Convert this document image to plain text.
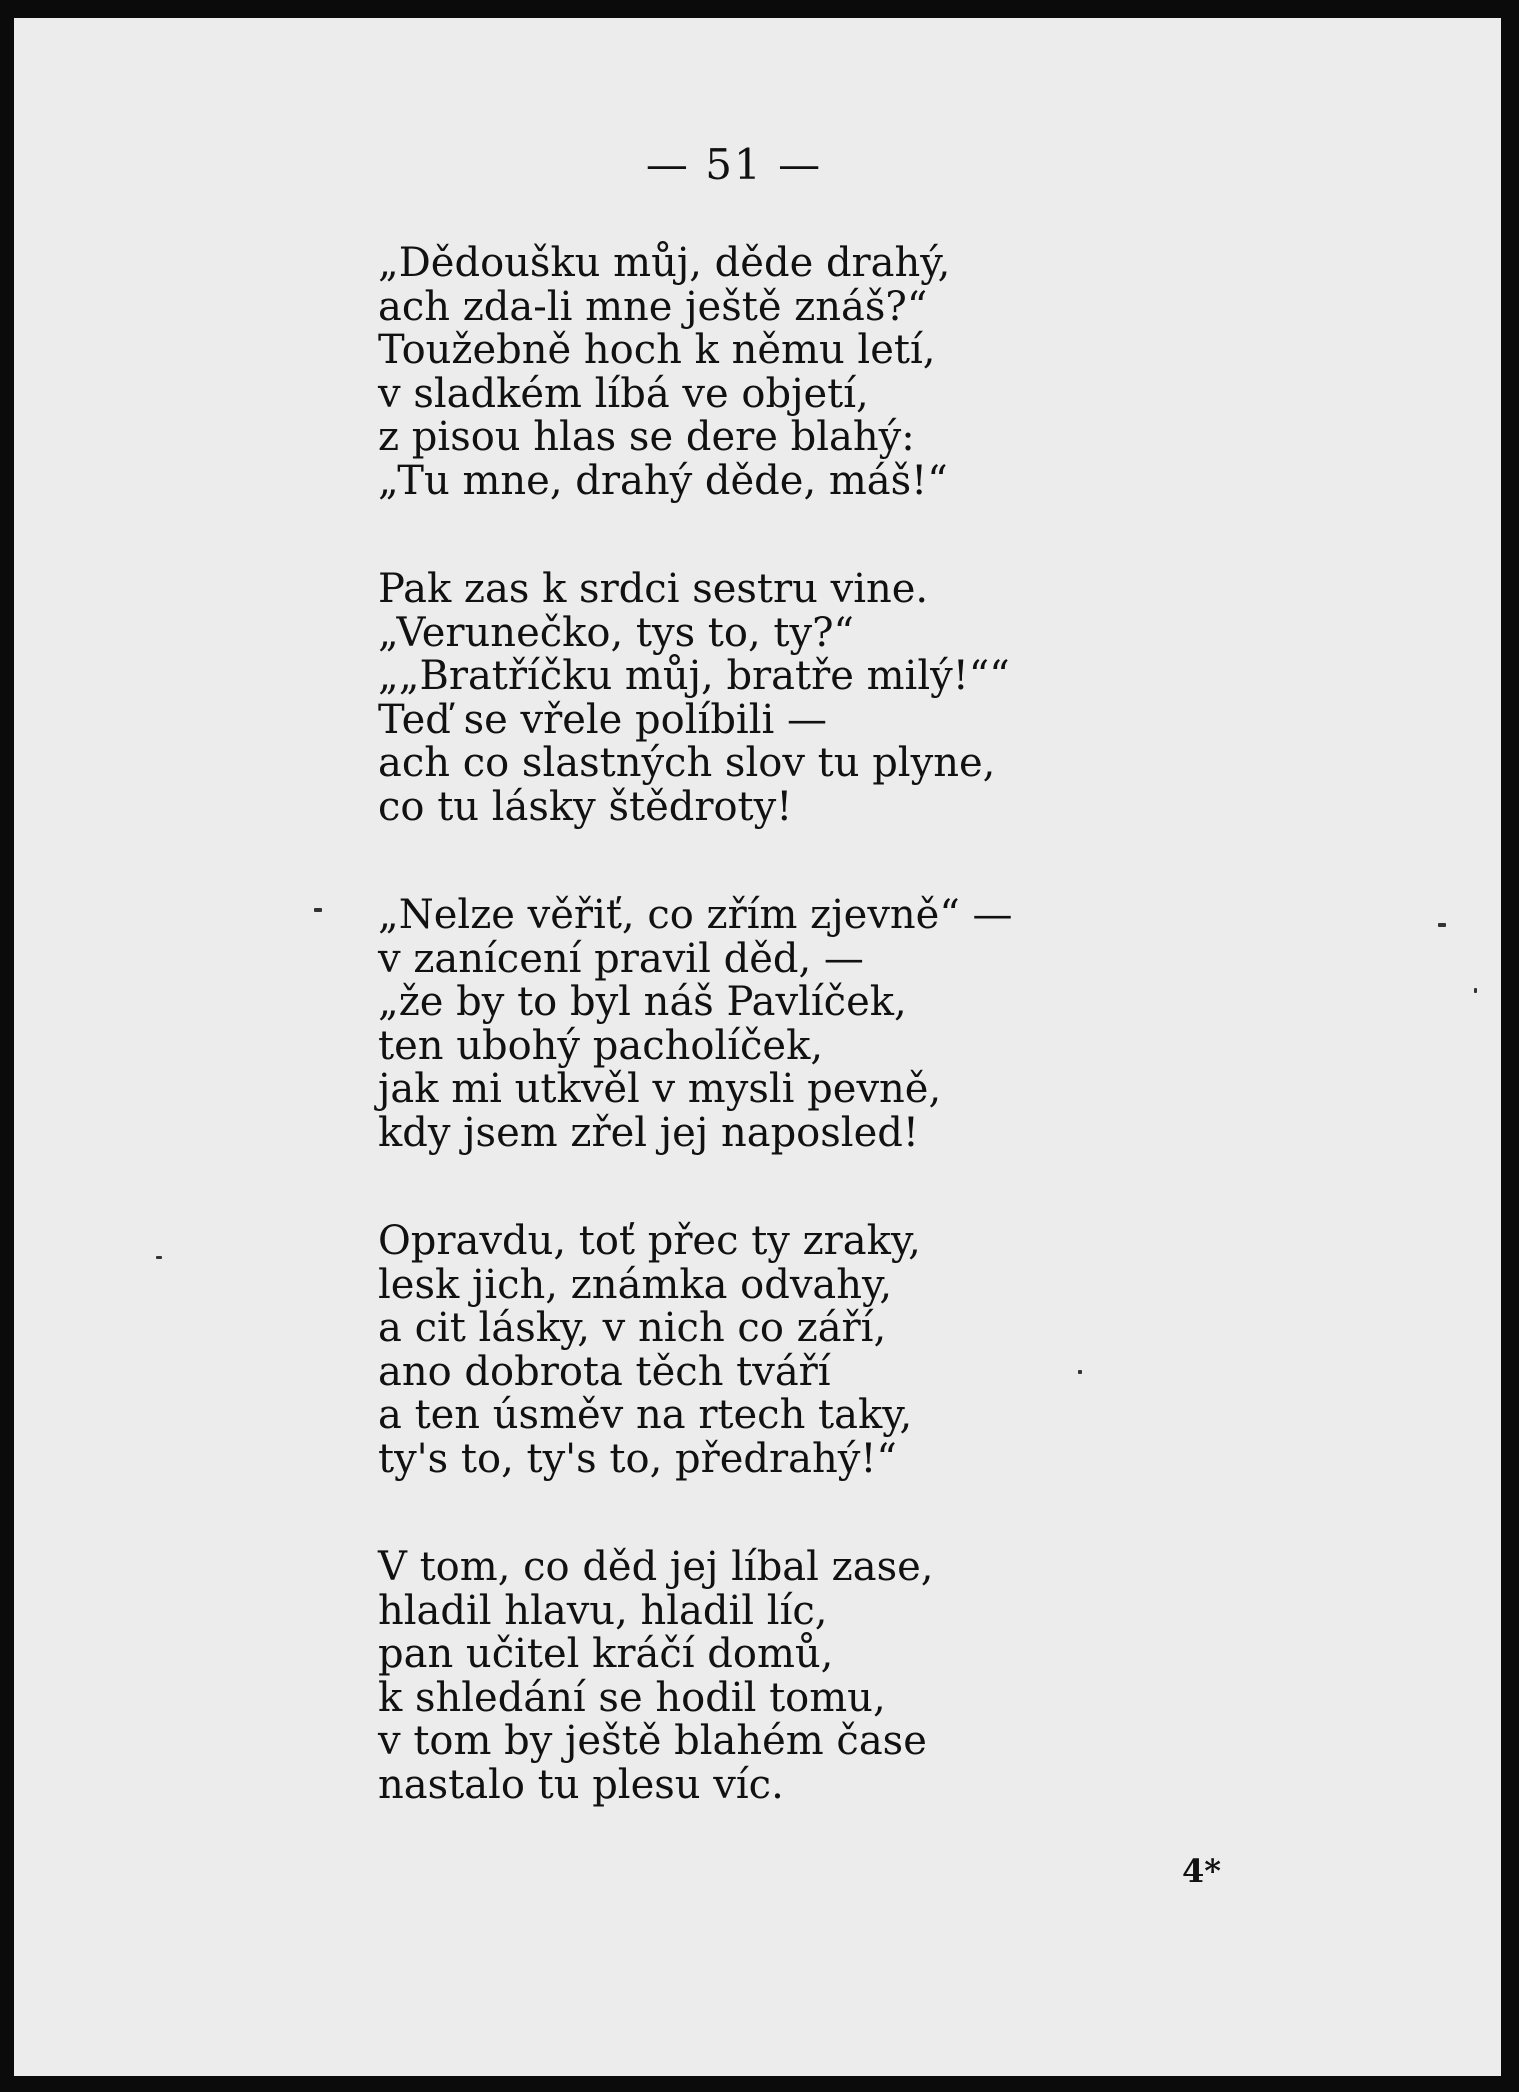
— 51 —
„Dědoušku můj, děde drahý,
ach zda-li mne ještě znáš?“
Toužebně hoch k němu letí,
v sladkém líbá ve objetí,
z pisou hlas se dere blahý:
„Tu mne, drahý děde, máš!“
Pak zas k srdci sestru vine.
„Verunečko, tys to, ty?“
„„Bratříčku můj, bratře milý!““
Teď se vřele políbili —
ach co slastných slov tu plyne,
co tu lásky štědroty!
„Nelze věřiť, co zřím zjevně“ —
v zanícení pravil děd, —
„že by to byl náš Pavlíček,
ten ubohý pacholíček,
jak mi utkvěl v mysli pevně,
kdy jsem zřel jej naposled!
Opravdu, toť přec ty zraky,
lesk jich, známka odvahy,
a cit lásky, v nich co září,
ano dobrota těch tváří
a ten úsměv na rtech taky,
ty's to, ty's to, předrahý!“
V tom, co děd jej líbal zase,
hladil hlavu, hladil líc,
pan učitel kráčí domů,
k shledání se hodil tomu,
v tom by ještě blahém čase
nastalo tu plesu víc.
4*
